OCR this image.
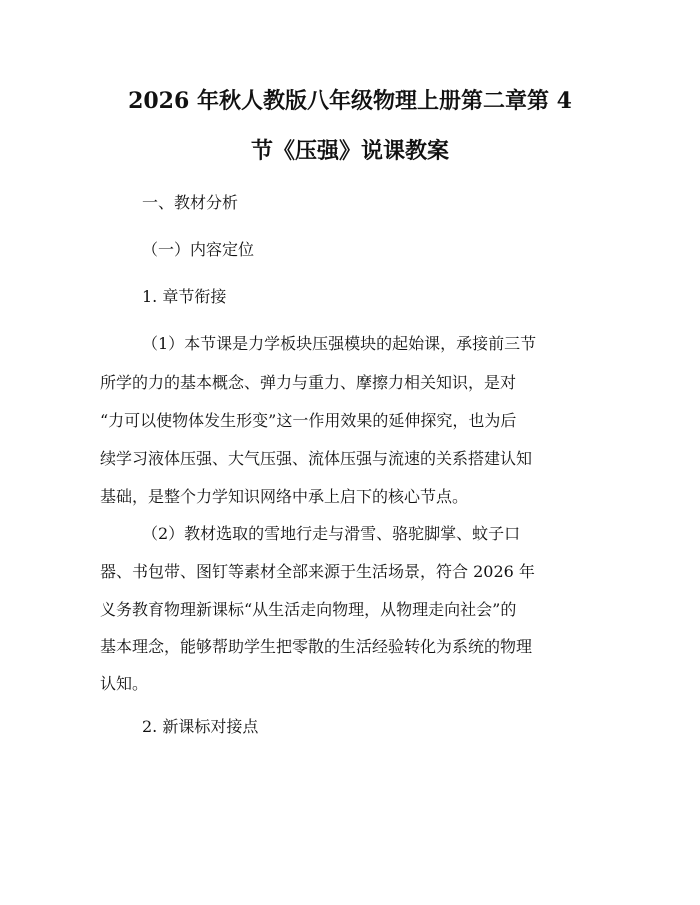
2026 年秋人教版八年级物理上册第二章第 4
节《压强》说课教案
一、教材分析
（一）内容定位
1. 章节衔接
（1）本节课是力学板块压强模块的起始课，承接前三节
所学的力的基本概念、弹力与重力、摩擦力相关知识，是对
“力可以使物体发生形变”这一作用效果的延伸探究，也为后
续学习液体压强、大气压强、流体压强与流速的关系搭建认知
基础，是整个力学知识网络中承上启下的核心节点。
（2）教材选取的雪地行走与滑雪、骆驼脚掌、蚊子口
器、书包带、图钉等素材全部来源于生活场景，符合 2026 年
义务教育物理新课标“从生活走向物理，从物理走向社会”的
基本理念，能够帮助学生把零散的生活经验转化为系统的物理
认知。
2. 新课标对接点
